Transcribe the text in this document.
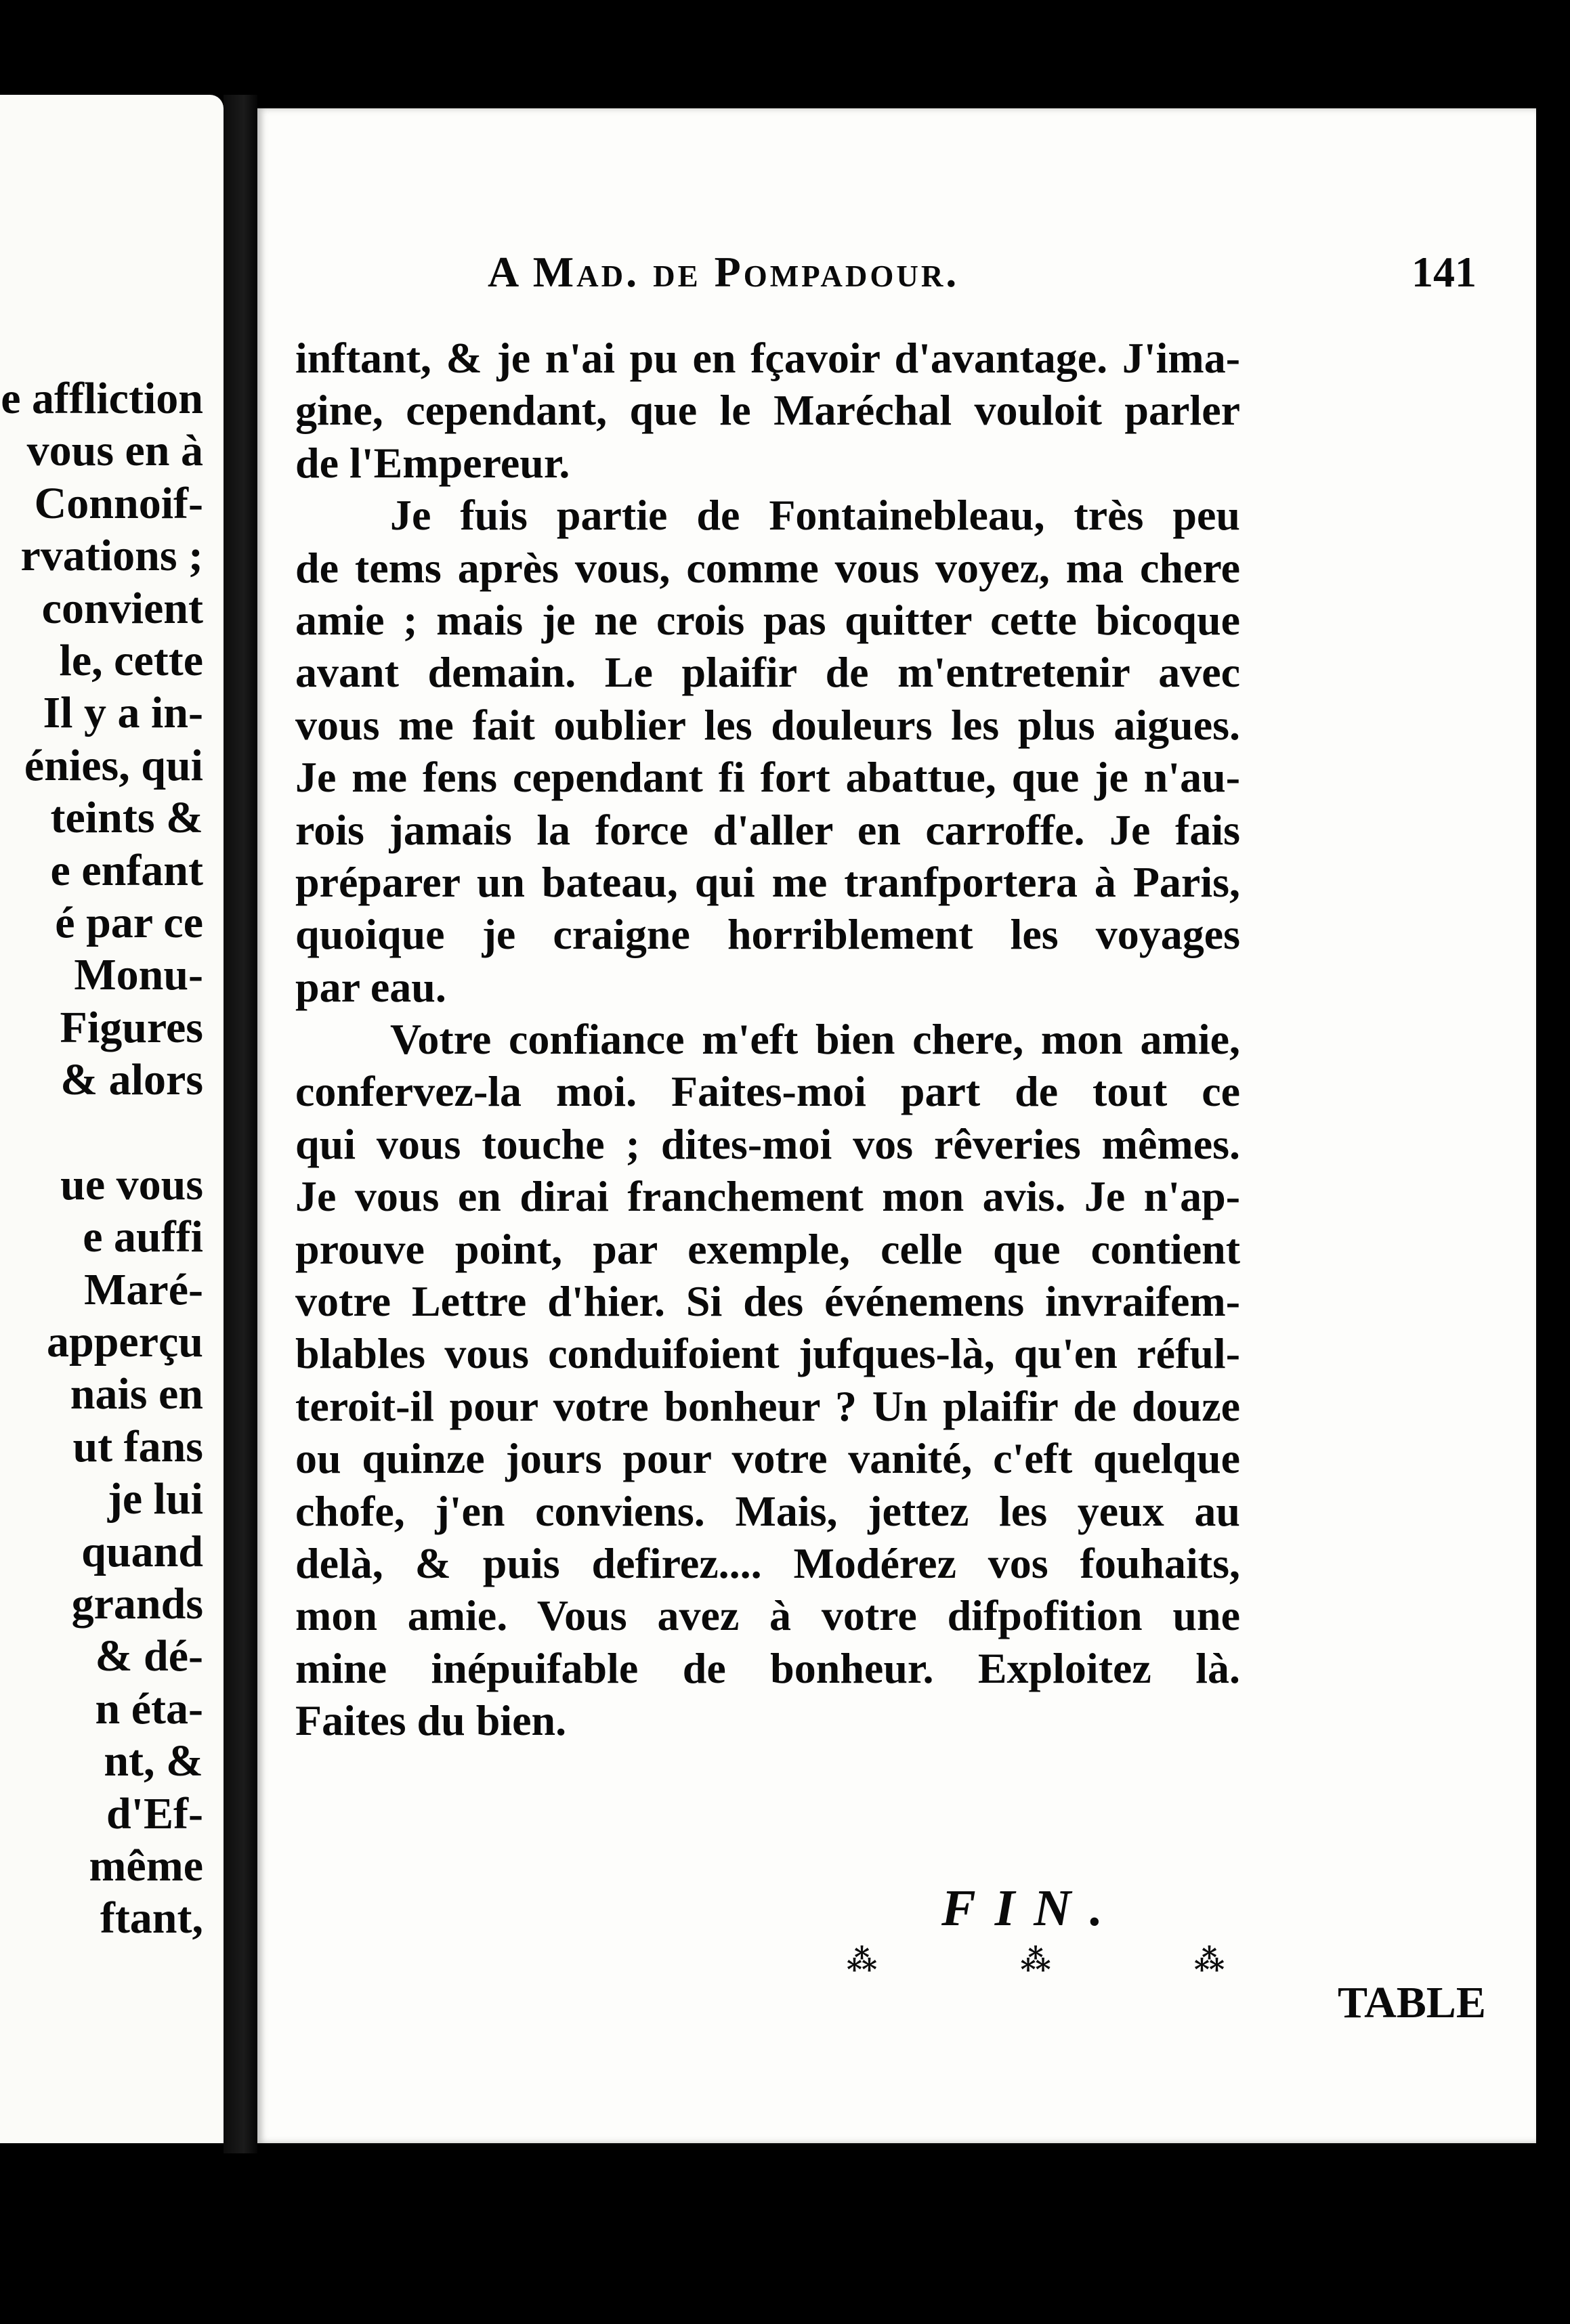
e affliction
vous en à
Connoif-
rvations ;
convient
le, cette
Il y a in-
énies, qui
teints &
e enfant
é par ce
Monu-
Figures
& alors
ue vous
e auffi
Maré-
apperçu
nais en
ut fans
je lui
quand
grands
& dé-
n éta-
nt, &
d'Ef-
même
ftant,
A Mad. de Pompadour.	141
inftant, & je n'ai pu en fçavoir d'avantage. J'ima-
gine, cependant, que le Maréchal vouloit parler
de l'Empereur.
Je fuis partie de Fontainebleau, très peu
de tems après vous, comme vous voyez, ma chere
amie ; mais je ne crois pas quitter cette bicoque
avant demain. Le plaifir de m'entretenir avec
vous me fait oublier les douleurs les plus aigues.
Je me fens cependant fi fort abattue, que je n'au-
rois jamais la force d'aller en carroffe. Je fais
préparer un bateau, qui me tranfportera à Paris,
quoique je craigne horriblement les voyages
par eau.
Votre confiance m'eft bien chere, mon amie,
confervez-la moi. Faites-moi part de tout ce
qui vous touche ; dites-moi vos rêveries mêmes.
Je vous en dirai franchement mon avis. Je n'ap-
prouve point, par exemple, celle que contient
votre Lettre d'hier. Si des événemens invraifem-
blables vous conduifoient jufques-là, qu'en réful-
teroit-il pour votre bonheur ? Un plaifir de douze
ou quinze jours pour votre vanité, c'eft quelque
chofe, j'en conviens. Mais, jettez les yeux au
delà, & puis defirez.... Modérez vos fouhaits,
mon amie. Vous avez à votre difpofition une
mine inépuifable de bonheur. Exploitez là.
Faites du bien.
FIN.
⁂	⁂	⁂
TABLE
